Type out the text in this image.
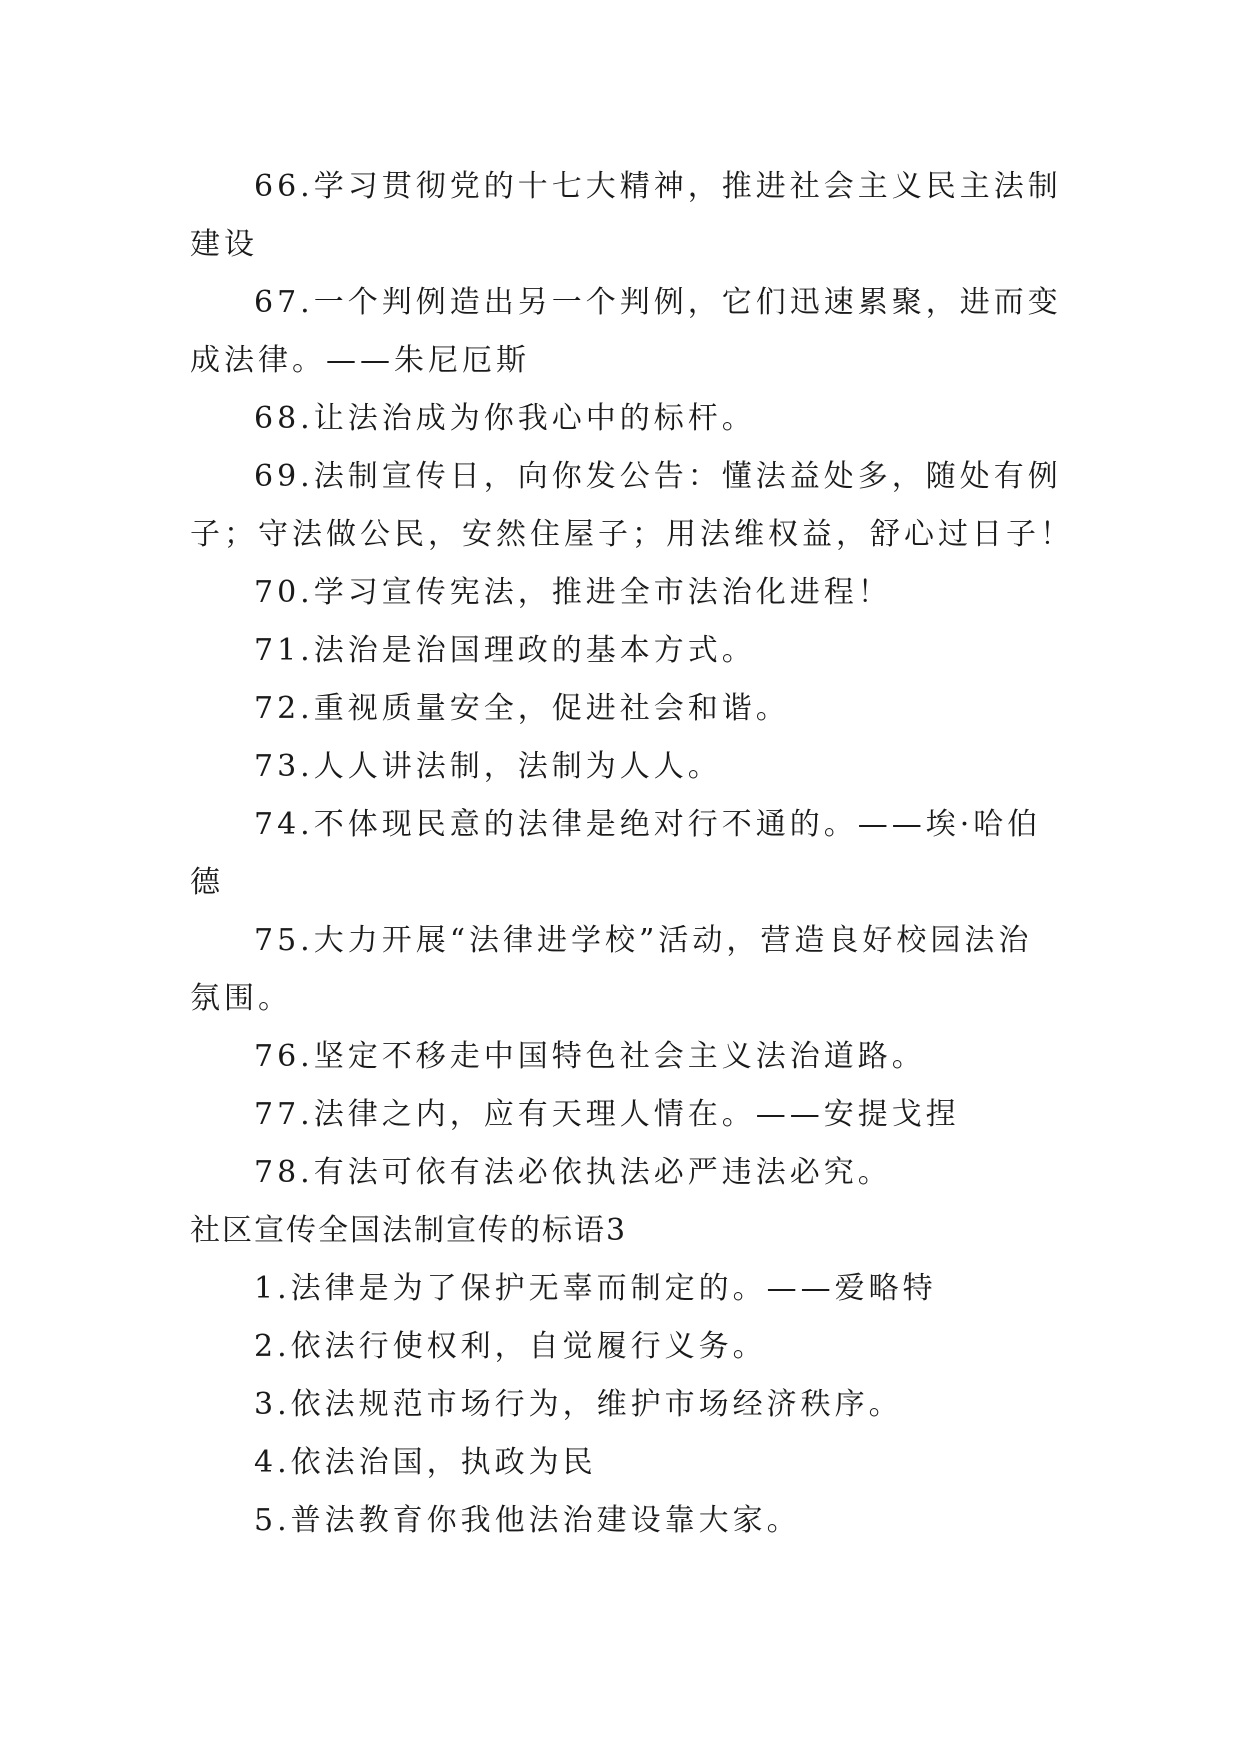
66.学习贯彻党的十七大精神，推进社会主义民主法制
建设
67.一个判例造出另一个判例，它们迅速累聚，进而变
成法律。——朱尼厄斯
68.让法治成为你我心中的标杆。
69.法制宣传日，向你发公告：懂法益处多，随处有例
子；守法做公民，安然住屋子；用法维权益，舒心过日子！
70.学习宣传宪法，推进全市法治化进程！
71.法治是治国理政的基本方式。
72.重视质量安全，促进社会和谐。
73.人人讲法制，法制为人人。
74.不体现民意的法律是绝对行不通的。——埃·哈伯
德
75.大力开展“法律进学校”活动，营造良好校园法治
氛围。
76.坚定不移走中国特色社会主义法治道路。
77.法律之内，应有天理人情在。——安提戈捏
78.有法可依有法必依执法必严违法必究。
社区宣传全国法制宣传的标语3
1.法律是为了保护无辜而制定的。——爱略特
2.依法行使权利，自觉履行义务。
3.依法规范市场行为，维护市场经济秩序。
4.依法治国，执政为民
5.普法教育你我他法治建设靠大家。
